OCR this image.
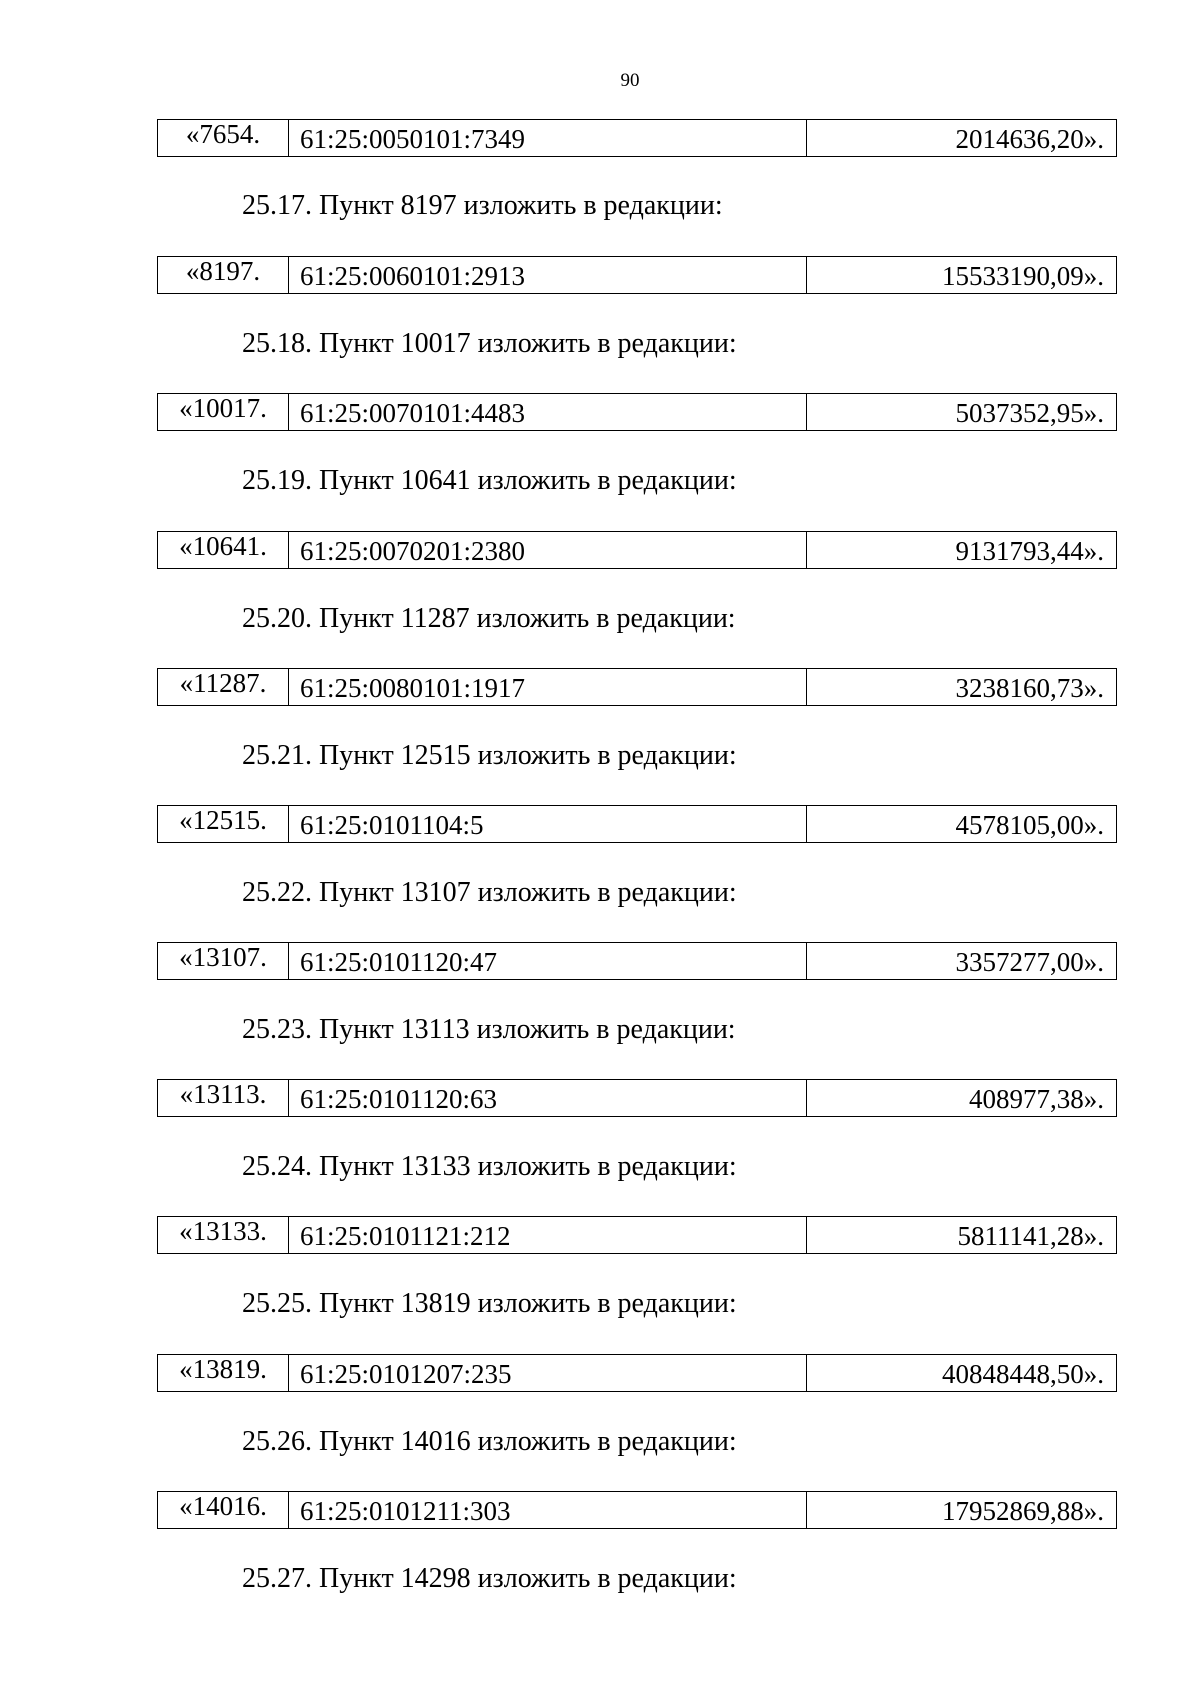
90
«7654.	61:25:0050101:7349	2014636,20».
25.17. Пункт 8197 изложить в редакции:
«8197.	61:25:0060101:2913	15533190,09».
25.18. Пункт 10017 изложить в редакции:
«10017.	61:25:0070101:4483	5037352,95».
25.19. Пункт 10641 изложить в редакции:
«10641.	61:25:0070201:2380	9131793,44».
25.20. Пункт 11287 изложить в редакции:
«11287.	61:25:0080101:1917	3238160,73».
25.21. Пункт 12515 изложить в редакции:
«12515.	61:25:0101104:5	4578105,00».
25.22. Пункт 13107 изложить в редакции:
«13107.	61:25:0101120:47	3357277,00».
25.23. Пункт 13113 изложить в редакции:
«13113.	61:25:0101120:63	408977,38».
25.24. Пункт 13133 изложить в редакции:
«13133.	61:25:0101121:212	5811141,28».
25.25. Пункт 13819 изложить в редакции:
«13819.	61:25:0101207:235	40848448,50».
25.26. Пункт 14016 изложить в редакции:
«14016.	61:25:0101211:303	17952869,88».
25.27. Пункт 14298 изложить в редакции:
